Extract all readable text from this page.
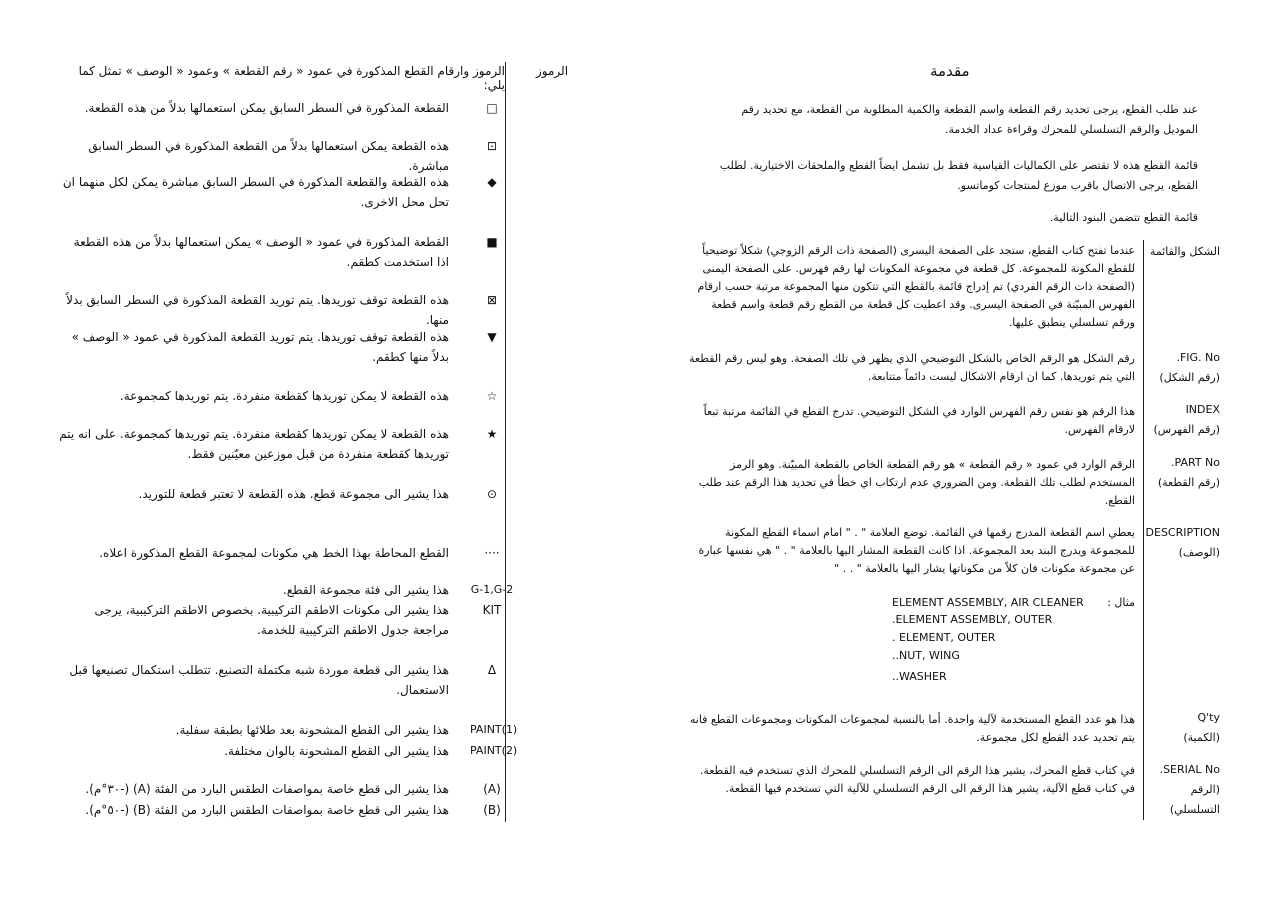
الرموز
الرموز وارقام القطع المذكورة في عمود « رقم القطعة » وعمود « الوصف » تمثل كما يلي:
□
القطعة المذكورة في السطر السابق يمكن استعمالها بدلاً من هذه القطعة.
⊡
هذه القطعة يمكن استعمالها بدلاً من القطعة المذكورة في السطر السابق مباشرة.
◆
هذه القطعة والقطعة المذكورة في السطر السابق مباشرة يمكن لكل منهما ان تحل محل الاخرى.
■
القطعة المذكورة في عمود « الوصف » يمكن استعمالها بدلاً من هذه القطعة اذا استخدمت كطقم.
⊠
هذه القطعة توقف توريدها. يتم توريد القطعة المذكورة في السطر السابق بدلاً منها.
▼
هذه القطعة توقف توريدها. يتم توريد القطعة المذكورة في عمود « الوصف » بدلاً منها كطقم.
☆
هذه القطعة لا يمكن توريدها كقطعة منفردة. يتم توريدها كمجموعة.
★
هذه القطعة لا يمكن توريدها كقطعة منفردة. يتم توريدها كمجموعة. على انه يتم توريدها كقطعة منفردة من قبل موزعين معيّنين فقط.
⊙
هذا يشير الى مجموعة قطع. هذه القطعة لا تعتبر قطعة للتوريد.
····
القطع المحاطة بهذا الخط هي مكونات لمجموعة القطع المذكورة اعلاه.
G-1,G-2
هذا يشير الى فئة مجموعة القطع.
KIT
هذا يشير الى مكونات الاطقم التركيبية. بخصوص الاطقم التركيبية، يرجى مراجعة جدول الاطقم التركيبية للخدمة.
Δ
هذا يشير الى قطعة موردة شبه مكتملة التصنيع. تتطلب استكمال تصنيعها قبل الاستعمال.
PAINT(1)
هذا يشير الى القطع المشحونة بعد طلائها بطبقة سفلية.
PAINT(2)
هذا يشير الى القطع المشحونة بالوان مختلفة.
(A)
هذا يشير الى قطع خاصة بمواصفات الطقس البارد من الفئة (A) (-٣٠°م).
(B)
هذا يشير الى قطع خاصة بمواصفات الطقس البارد من الفئة (B) (-٥٠°م).
مقدمة
عند طلب القطع، يرجى تحديد رقم القطعة واسم القطعة والكمية المطلوبة من القطعة، مع تحديد رقم الموديل والرقم التسلسلي للمحرك وقراءة عداد الخدمة.
قائمة القطع هذه لا تقتصر على الكماليات القياسية فقط بل تشمل ايضاً القطع والملحقات الاختيارية. لطلب القطع، يرجى الاتصال باقرب موزع لمنتجات كوماتسو.
قائمة القطع تتضمن البنود التالية.
الشكل والقائمة
عندما تفتح كتاب القطع، ستجد على الصفحة اليسرى (الصفحة ذات الرقم الزوجي) شكلاً توضيحياً للقطع المكونة للمجموعة. كل قطعة في مجموعة المكونات لها رقم فهرس. على الصفحة اليمنى (الصفحة ذات الرقم الفردي) تم إدراج قائمة بالقطع التي تتكون منها المجموعة مرتبة حسب ارقام الفهرس المبيّنة في الصفحة اليسرى. وقد اعطيت كل قطعة من القطع رقم قطعة واسم قطعة ورقم تسلسلي ينطبق عليها.
FIG. No.
(رقم الشكل)
رقم الشكل هو الرقم الخاص بالشكل التوضيحي الذي يظهر في تلك الصفحة. وهو ليس رقم القطعة التي يتم توريدها. كما ان ارقام الاشكال ليست دائماً متتابعة.
INDEX
(رقم الفهرس)
هذا الرقم هو نفس رقم الفهرس الوارد في الشكل التوضيحي. تدرج القطع في القائمة مرتبة تبعاً لارقام الفهرس.
PART No.
(رقم القطعة)
الرقم الوارد في عمود « رقم القطعة » هو رقم القطعة الخاص بالقطعة المبيّنة. وهو الرمز المستخدم لطلب تلك القطعة. ومن الضروري عدم ارتكاب اي خطأ في تحديد هذا الرقم عند طلب القطع.
DESCRIPTION
(الوصف)
يعطي اسم القطعة المدرج رقمها في القائمة. توضع العلامة " . " امام اسماء القطع المكونة للمجموعة ويدرج البند بعد المجموعة. اذا كانت القطعة المشار اليها بالعلامة " . " هي نفسها عبارة عن مجموعة مكونات فان كلاً من مكوناتها يشار اليها بالعلامة " . . "
مثال :
ELEMENT ASSEMBLY, AIR CLEANER
.ELEMENT ASSEMBLY, OUTER
. ELEMENT, OUTER
..NUT, WING
..WASHER
Q'ty
(الكمية)
هذا هو عدد القطع المستخدمة لآلية واحدة. أما بالنسبة لمجموعات المكونات ومجموعات القطع فانه يتم تحديد عدد القطع لكل مجموعة.
SERIAL No.
(الرقم التسلسلي)
في كتاب قطع المحرك، يشير هذا الرقم الى الرقم التسلسلي للمحرك الذي تستخدم فيه القطعة. في كتاب قطع الآلية، يشير هذا الرقم الى الرقم التسلسلي للآلية التي تستخدم فيها القطعة.
